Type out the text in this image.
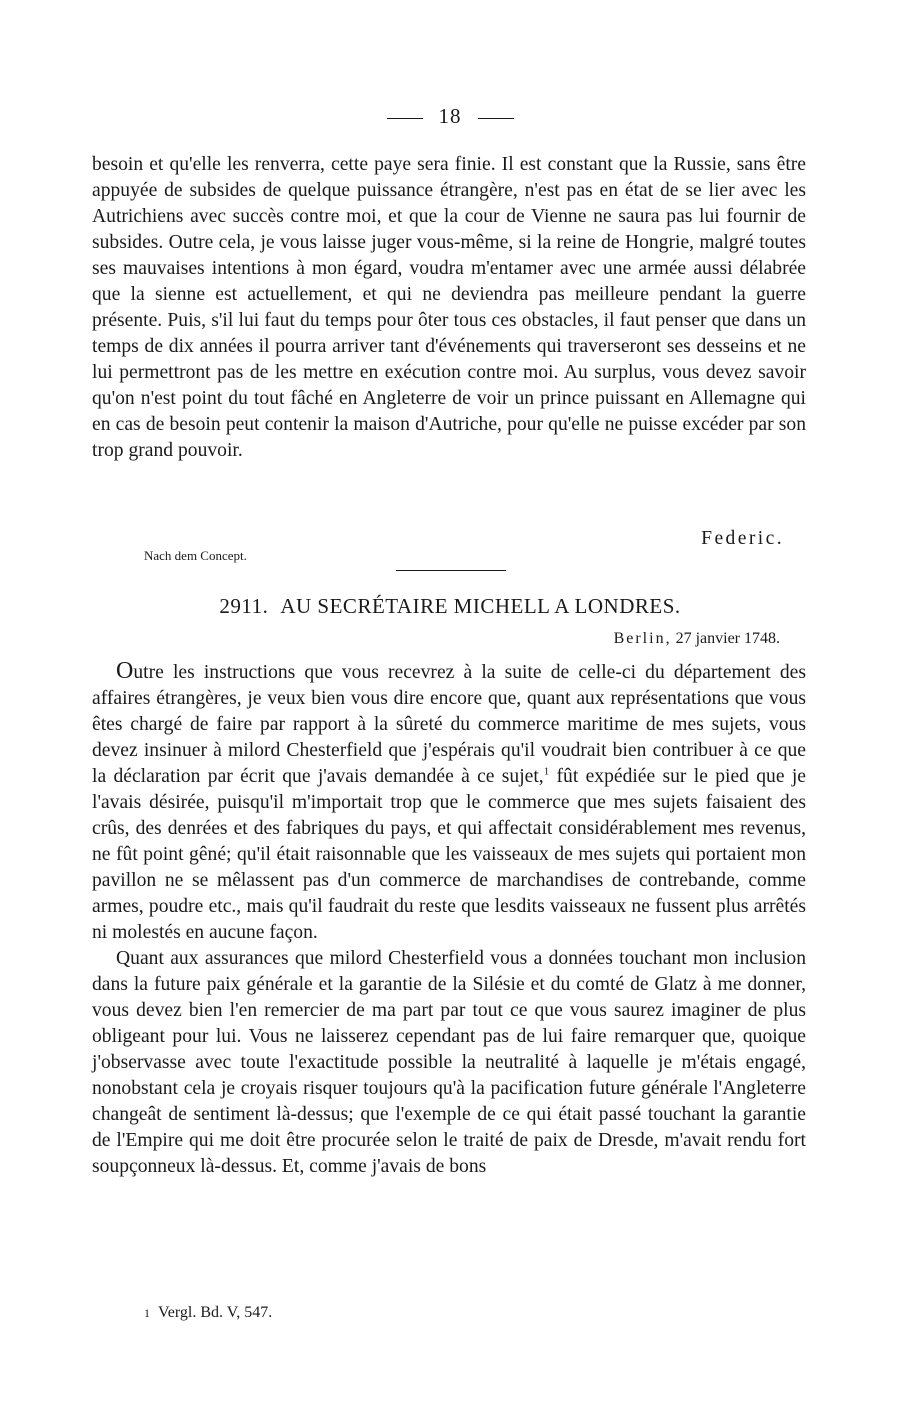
18

besoin et qu'elle les renverra, cette paye sera finie. Il est constant que la Russie, sans être appuyée de subsides de quelque puissance étrangère, n'est pas en état de se lier avec les Autrichiens avec succès contre moi, et que la cour de Vienne ne saura pas lui fournir de subsides. Outre cela, je vous laisse juger vous-même, si la reine de Hongrie, malgré toutes ses mauvaises intentions à mon égard, voudra m'entamer avec une armée aussi délabrée que la sienne est actuellement, et qui ne deviendra pas meilleure pendant la guerre présente. Puis, s'il lui faut du temps pour ôter tous ces obstacles, il faut penser que dans un temps de dix années il pourra arriver tant d'événements qui traverseront ses desseins et ne lui permettront pas de les mettre en exécution contre moi. Au surplus, vous devez savoir qu'on n'est point du tout fâché en Angleterre de voir un prince puissant en Allemagne qui en cas de besoin peut contenir la maison d'Autriche, pour qu'elle ne puisse excéder par son trop grand pouvoir.

Federic.
Nach dem Concept.
2911. AU SECRÉTAIRE MICHELL A LONDRES.
Berlin, 27 janvier 1748.

Outre les instructions que vous recevrez à la suite de celle-ci du département des affaires étrangères, je veux bien vous dire encore que, quant aux représentations que vous êtes chargé de faire par rapport à la sûreté du commerce maritime de mes sujets, vous devez insinuer à milord Chesterfield que j'espérais qu'il voudrait bien contribuer à ce que la déclaration par écrit que j'avais demandée à ce sujet,$^1$ fût expédiée sur le pied que je l'avais désirée, puisqu'il m'importait trop que le commerce que mes sujets faisaient des crûs, des denrées et des fabriques du pays, et qui affectait considérablement mes revenus, ne fût point gêné; qu'il était raisonnable que les vaisseaux de mes sujets qui portaient mon pavillon ne se mêlassent pas d'un commerce de marchandises de contrebande, comme armes, poudre etc., mais qu'il faudrait du reste que lesdits vaisseaux ne fussent plus arrêtés ni molestés en aucune façon.

Quant aux assurances que milord Chesterfield vous a données touchant mon inclusion dans la future paix générale et la garantie de la Silésie et du comté de Glatz à me donner, vous devez bien l'en remercier de ma part par tout ce que vous saurez imaginer de plus obligeant pour lui. Vous ne laisserez cependant pas de lui faire remarquer que, quoique j'observasse avec toute l'exactitude possible la neutralité à laquelle je m'étais engagé, nonobstant cela je croyais risquer toujours qu'à la pacification future générale l'Angleterre changeât de sentiment là-dessus; que l'exemple de ce qui était passé touchant la garantie de l'Empire qui me doit être procurée selon le traité de paix de Dresde, m'avait rendu fort soupçonneux là-dessus. Et, comme j'avais de bons

1 Vergl. Bd. V, 547.
